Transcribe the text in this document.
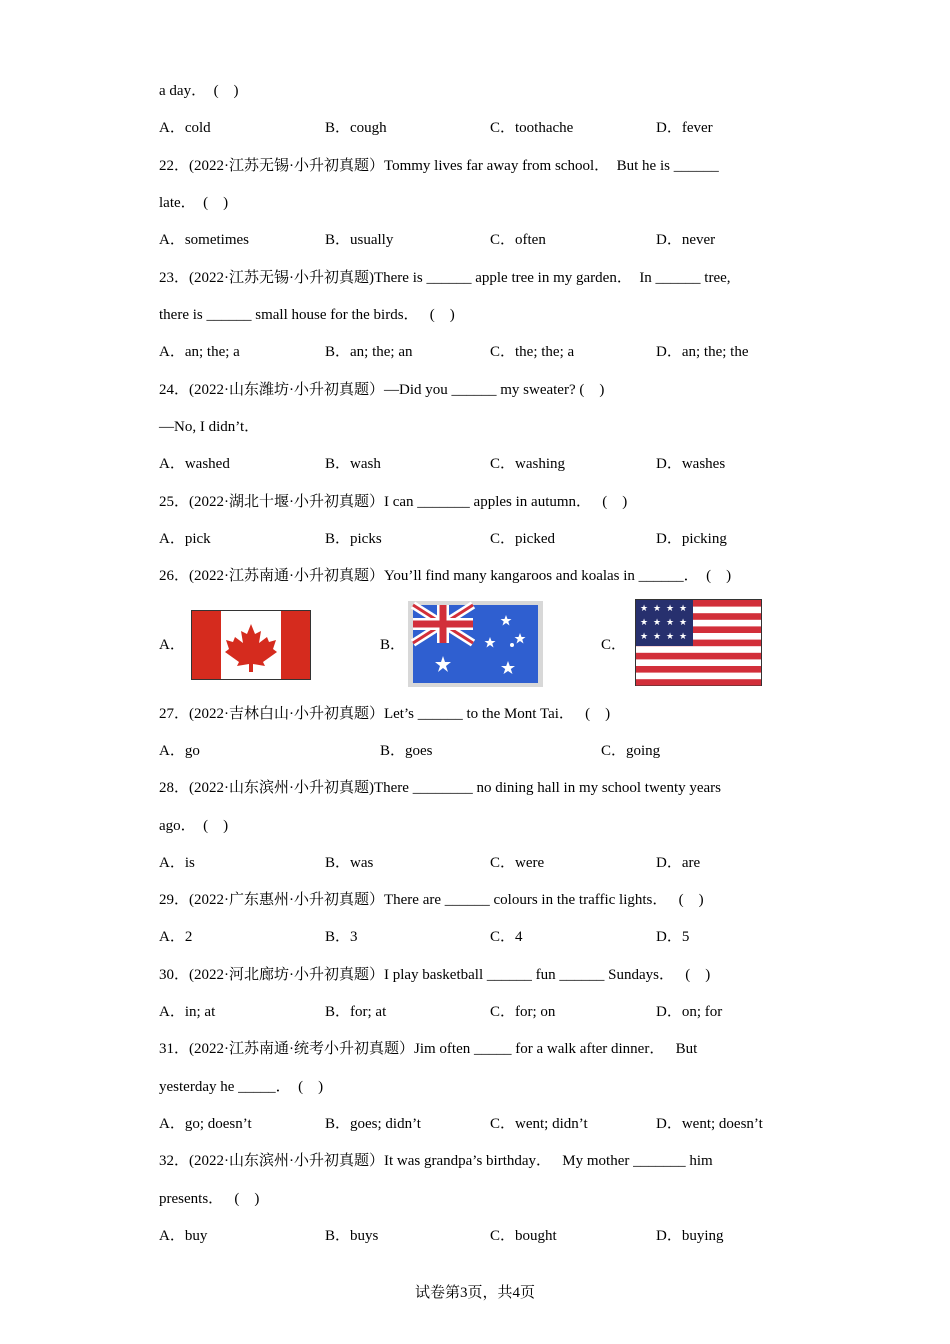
a day．  (    )
A．cold	B．cough	C．toothache	D．fever
22．(2022·江苏无锡·小升初真题）Tommy lives far away from school．  But he is ______
late．  (    )
A．sometimes	B．usually	C．often	D．never
23．(2022·江苏无锡·小升初真题)There is ______ apple tree in my garden．  In ______ tree,
there is ______ small house for the birds．   (    )
A．an; the; a	B．an; the; an	C．the; the; a	D．an; the; the
24．(2022·山东潍坊·小升初真题）—Did you ______ my sweater? (    )
—No, I didn’t．
A．washed	B．wash	C．washing	D．washes
25．(2022·湖北十堰·小升初真题）I can _______ apples in autumn．   (    )
A．pick	B．picks	C．picked	D．picking
26．(2022·江苏南通·小升初真题）You’ll find many kangaroos and koalas in ______．  (    )
A．	B．	C．
★ ★ ★ ★
★ ★ ★ ★
★ ★ ★ ★
27．(2022·吉林白山·小升初真题）Let’s ______ to the Mont Tai．   (    )
A．go	B．goes	C．going
28．(2022·山东滨州·小升初真题)There ________ no dining hall in my school twenty years
ago．  (    )
A．is	B．was	C．were	D．are
29．(2022·广东惠州·小升初真题）There are ______ colours in the traffic lights．   (    )
A．2	B．3	C．4	D．5
30．(2022·河北廊坊·小升初真题）I play basketball ______ fun ______ Sundays．   (    )
A．in; at	B．for; at	C．for; on	D．on; for
31．(2022·江苏南通·统考小升初真题）Jim often _____ for a walk after dinner．   But
yesterday he _____．  (    )
A．go; doesn’t	B．goes; didn’t	C．went; didn’t	D．went; doesn’t
32．(2022·山东滨州·小升初真题）It was grandpa’s birthday．   My mother _______ him
presents．   (    )
A．buy	B．buys	C．bought	D．buying
试卷第3页，共4页
